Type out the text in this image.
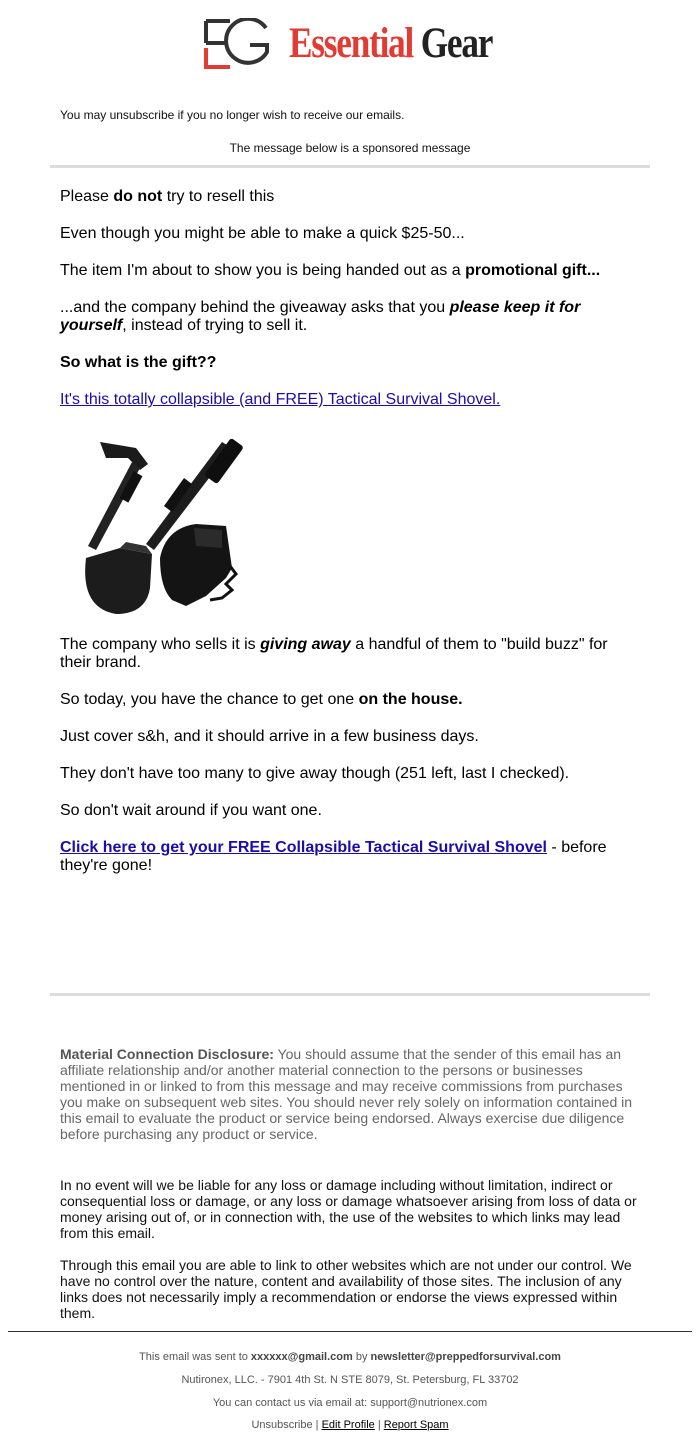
Essential Gear
You may unsubscribe if you no longer wish to receive our emails.
The message below is a sponsored message

Please do not try to resell this

Even though you might be able to make a quick $25-50...

The item I'm about to show you is being handed out as a promotional gift...

...and the company behind the giveaway asks that you please keep it for yourself, instead of trying to sell it.

So what is the gift??

It's this totally collapsible (and FREE) Tactical Survival Shovel.

The company who sells it is giving away a handful of them to "build buzz" for their brand.

So today, you have the chance to get one on the house.

Just cover s&h, and it should arrive in a few business days.

They don't have too many to give away though (251 left, last I checked).

So don't wait around if you want one.

Click here to get your FREE Collapsible Tactical Survival Shovel - before they're gone!

Material Connection Disclosure: You should assume that the sender of this email has an affiliate relationship and/or another material connection to the persons or businesses mentioned in or linked to from this message and may receive commissions from purchases you make on subsequent web sites. You should never rely solely on information contained in this email to evaluate the product or service being endorsed. Always exercise due diligence before purchasing any product or service.
In no event will we be liable for any loss or damage including without limitation, indirect or consequential loss or damage, or any loss or damage whatsoever arising from loss of data or money arising out of, or in connection with, the use of the websites to which links may lead from this email.
Through this email you are able to link to other websites which are not under our control. We have no control over the nature, content and availability of those sites. The inclusion of any links does not necessarily imply a recommendation or endorse the views expressed within them.
This email was sent to xxxxxx@gmail.com by newsletter@preppedforsurvival.com
Nutironex, LLC. - 7901 4th St. N STE 8079, St. Petersburg, FL 33702
You can contact us via email at: support@nutrionex.com
Unsubscribe | Edit Profile | Report Spam
